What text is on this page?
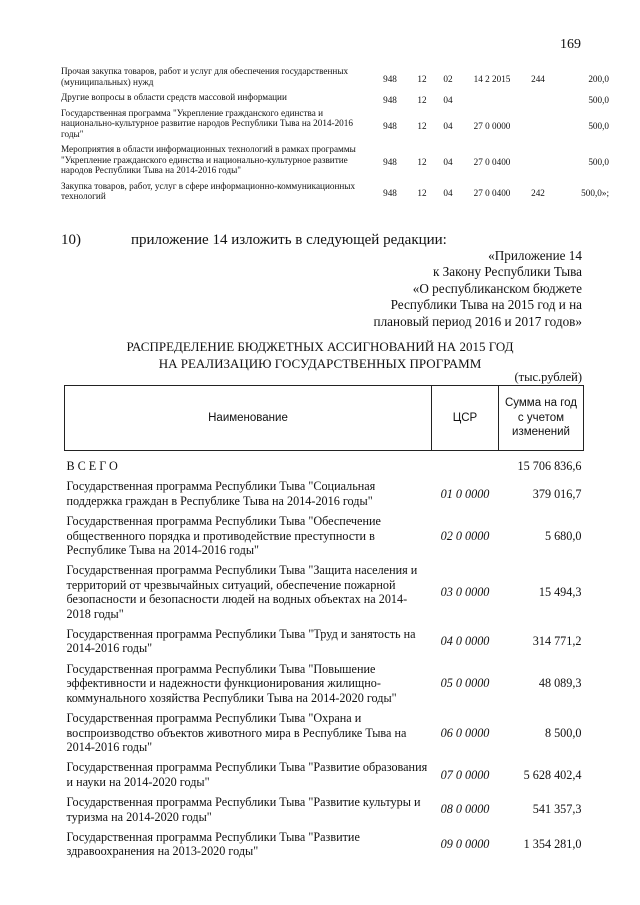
169
Прочая закупка товаров, работ и услуг для обеспечения государственных (муниципальных) нужд	948	12	02	14 2 2015	244	200,0
Другие вопросы в области средств массовой информации	948	12	04			500,0
Государственная программа "Укрепление гражданского единства и национально-культурное развитие народов Республики Тыва на 2014-2016 годы"	948	12	04	27 0 0000		500,0
Мероприятия в области информационных технологий в рамках программы "Укрепление гражданского единства и национально-культурное развитие народов Республики Тыва на 2014-2016 годы"	948	12	04	27 0 0400		500,0
Закупка товаров, работ, услуг в сфере информационно-коммуникационных технологий	948	12	04	27 0 0400	242	500,0»;
10)	приложение 14 изложить в следующей редакции:
«Приложение 14
к Закону Республики Тыва
«О республиканском бюджете
Республики Тыва на 2015 год и на
плановый период 2016 и 2017 годов»
РАСПРЕДЕЛЕНИЕ БЮДЖЕТНЫХ АССИГНОВАНИЙ НА 2015 ГОД
НА РЕАЛИЗАЦИЮ ГОСУДАРСТВЕННЫХ ПРОГРАММ
(тыс.рублей)
Наименование	ЦСР	Сумма на год с учетом изменений

ВСЕГО		15 706 836,6
Государственная программа Республики Тыва "Социальная поддержка граждан в Республике Тыва на 2014-2016 годы"	01 0 0000	379 016,7
Государственная программа Республики Тыва "Обеспечение общественного порядка и противодействие преступности в Республике Тыва на 2014-2016 годы"	02 0 0000	5 680,0
Государственная программа Республики Тыва "Защита населения и территорий от чрезвычайных ситуаций, обеспечение пожарной безопасности и безопасности людей на водных объектах на 2014-2018 годы"	03 0 0000	15 494,3
Государственная программа Республики Тыва "Труд и занятость на 2014-2016 годы"	04 0 0000	314 771,2
Государственная программа Республики Тыва "Повышение эффективности и надежности функционирования жилищно-коммунального хозяйства Республики Тыва на 2014-2020 годы"	05 0 0000	48 089,3
Государственная программа Республики Тыва "Охрана и воспроизводство объектов животного мира в Республике Тыва на 2014-2016 годы"	06 0 0000	8 500,0
Государственная программа Республики Тыва "Развитие образования и науки на 2014-2020 годы"	07 0 0000	5 628 402,4
Государственная программа Республики Тыва "Развитие культуры и туризма на 2014-2020 годы"	08 0 0000	541 357,3
Государственная программа Республики Тыва "Развитие здравоохранения на 2013-2020 годы"	09 0 0000	1 354 281,0
